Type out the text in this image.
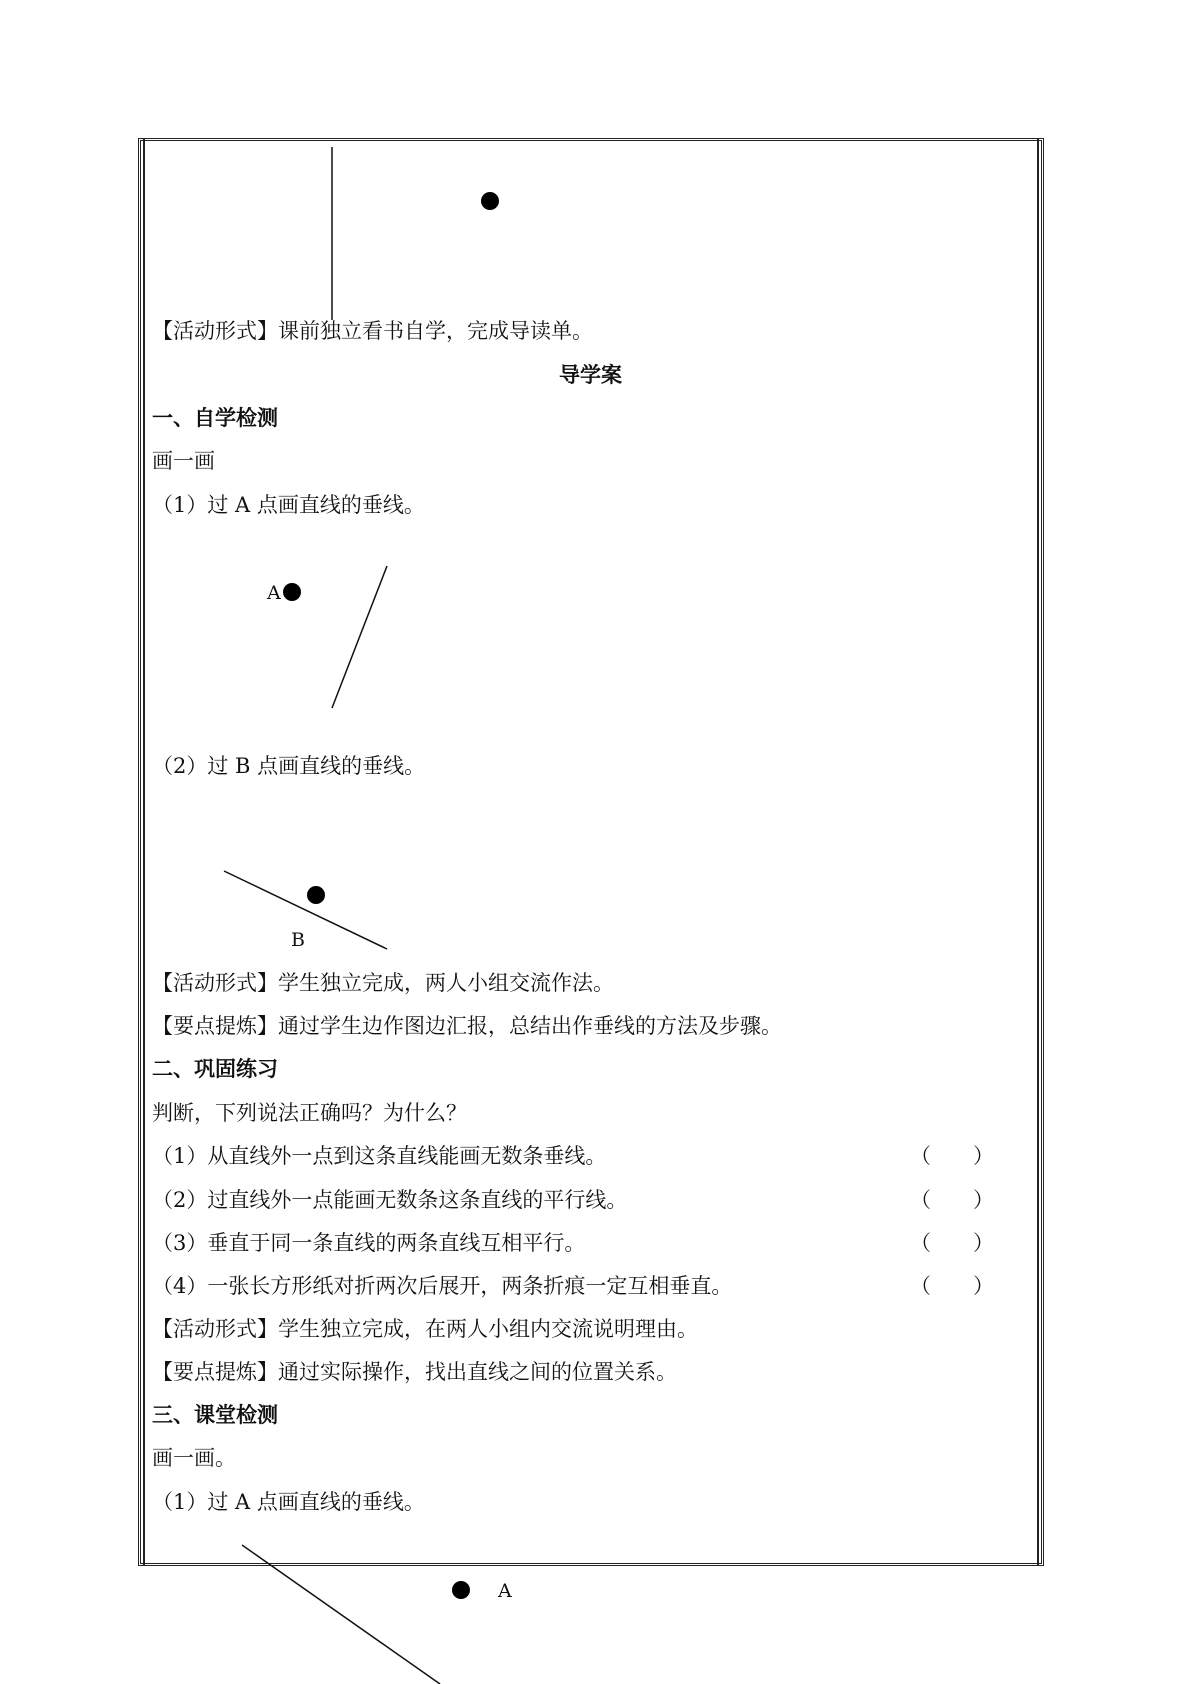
A
B
A
【活动形式】课前独立看书自学，完成导读单。
导学案
一、自学检测
画一画
（1）过 A 点画直线的垂线。
（2）过 B 点画直线的垂线。
【活动形式】学生独立完成，两人小组交流作法。
【要点提炼】通过学生边作图边汇报，总结出作垂线的方法及步骤。
二、巩固练习
判断，下列说法正确吗？为什么？
（1）从直线外一点到这条直线能画无数条垂线。	（　　）
（2）过直线外一点能画无数条这条直线的平行线。	（　　）
（3）垂直于同一条直线的两条直线互相平行。	（　　）
（4）一张长方形纸对折两次后展开，两条折痕一定互相垂直。	（　　）
【活动形式】学生独立完成，在两人小组内交流说明理由。
【要点提炼】通过实际操作，找出直线之间的位置关系。
三、课堂检测
画一画。
（1）过 A 点画直线的垂线。
